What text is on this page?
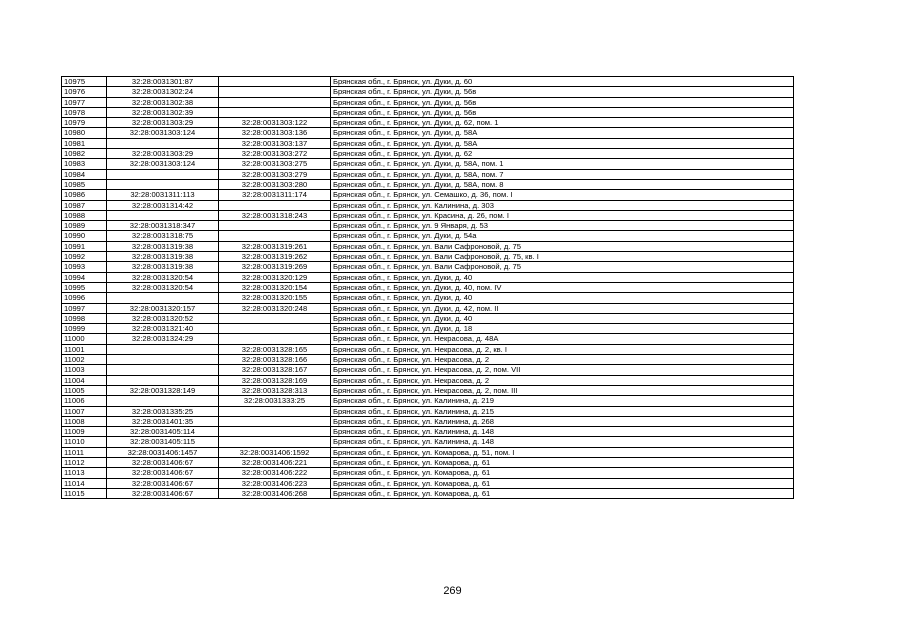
10975	32:28:0031301:87		Брянская обл., г. Брянск, ул. Дуки, д. 60
10976	32:28:0031302:24		Брянская обл., г. Брянск, ул. Дуки, д. 56в
10977	32:28:0031302:38		Брянская обл., г. Брянск, ул. Дуки, д. 56в
10978	32:28:0031302:39		Брянская обл., г. Брянск, ул. Дуки, д. 56в
10979	32:28:0031303:29	32:28:0031303:122	Брянская обл., г. Брянск, ул. Дуки, д. 62, пом. 1
10980	32:28:0031303:124	32:28:0031303:136	Брянская обл., г. Брянск, ул. Дуки, д. 58А
10981		32:28:0031303:137	Брянская обл., г. Брянск, ул. Дуки, д. 58А
10982	32:28:0031303:29	32:28:0031303:272	Брянская обл., г. Брянск, ул. Дуки, д. 62
10983	32:28:0031303:124	32:28:0031303:275	Брянская обл., г. Брянск, ул. Дуки, д. 58А, пом. 1
10984		32:28:0031303:279	Брянская обл., г. Брянск, ул. Дуки, д. 58А, пом. 7
10985		32:28:0031303:280	Брянская обл., г. Брянск, ул. Дуки, д. 58А, пом. 8
10986	32:28:0031311:113	32:28:0031311:174	Брянская обл., г. Брянск, ул. Семашко, д. 36, пом. I
10987	32:28:0031314:42		Брянская обл., г. Брянск, ул. Калинина, д. 303
10988		32:28:0031318:243	Брянская обл., г. Брянск, ул. Красина, д. 26, пом. I
10989	32:28:0031318:347		Брянская обл., г. Брянск, ул. 9 Января, д. 53
10990	32:28:0031318:75		Брянская обл., г. Брянск, ул. Дуки, д. 54а
10991	32:28:0031319:38	32:28:0031319:261	Брянская обл., г. Брянск, ул. Вали Сафроновой, д. 75
10992	32:28:0031319:38	32:28:0031319:262	Брянская обл., г. Брянск, ул. Вали Сафроновой, д. 75, кв. I
10993	32:28:0031319:38	32:28:0031319:269	Брянская обл., г. Брянск, ул. Вали Сафроновой, д. 75
10994	32:28:0031320:54	32:28:0031320:129	Брянская обл., г. Брянск, ул. Дуки, д. 40
10995	32:28:0031320:54	32:28:0031320:154	Брянская обл., г. Брянск, ул. Дуки, д. 40, пом. IV
10996		32:28:0031320:155	Брянская обл., г. Брянск, ул. Дуки, д. 40
10997	32:28:0031320:157	32:28:0031320:248	Брянская обл., г. Брянск, ул. Дуки, д. 42, пом. II
10998	32:28:0031320:52		Брянская обл., г. Брянск, ул. Дуки, д. 40
10999	32:28:0031321:40		Брянская обл., г. Брянск, ул. Дуки, д. 18
11000	32:28:0031324:29		Брянская обл., г. Брянск, ул. Некрасова, д. 48А
11001		32:28:0031328:165	Брянская обл., г. Брянск, ул. Некрасова, д. 2, кв. I
11002		32:28:0031328:166	Брянская обл., г. Брянск, ул. Некрасова, д. 2
11003		32:28:0031328:167	Брянская обл., г. Брянск, ул. Некрасова, д. 2, пом. VII
11004		32:28:0031328:169	Брянская обл., г. Брянск, ул. Некрасова, д. 2
11005	32:28:0031328:149	32:28:0031328:313	Брянская обл., г. Брянск, ул. Некрасова, д. 2, пом. III
11006		32:28:0031333:25	Брянская обл., г. Брянск, ул. Калинина, д. 219
11007	32:28:0031335:25		Брянская обл., г. Брянск, ул. Калинина, д. 215
11008	32:28:0031401:35		Брянская обл., г. Брянск, ул. Калинина, д. 268
11009	32:28:0031405:114		Брянская обл., г. Брянск, ул. Калинина, д. 148
11010	32:28:0031405:115		Брянская обл., г. Брянск, ул. Калинина, д. 148
11011	32:28:0031406:1457	32:28:0031406:1592	Брянская обл., г. Брянск, ул. Комарова, д. 51, пом. I
11012	32:28:0031406:67	32:28:0031406:221	Брянская обл., г. Брянск, ул. Комарова, д. 61
11013	32:28:0031406:67	32:28:0031406:222	Брянская обл., г. Брянск, ул. Комарова, д. 61
11014	32:28:0031406:67	32:28:0031406:223	Брянская обл., г. Брянск, ул. Комарова, д. 61
11015	32:28:0031406:67	32:28:0031406:268	Брянская обл., г. Брянск, ул. Комарова, д. 61
269
